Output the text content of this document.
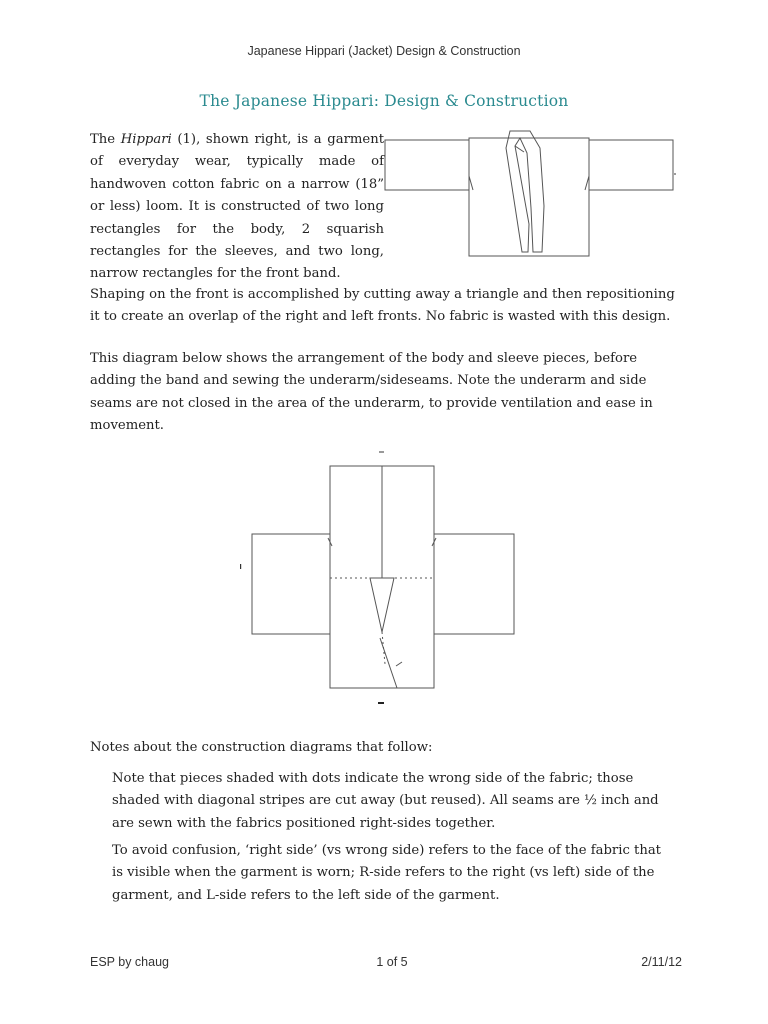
Japanese Hippari (Jacket) Design & Construction
The Japanese Hippari: Design & Construction
The Hippari (1), shown right, is a garment of everyday wear, typically made of handwoven cotton fabric on a narrow (18” or less) loom. It is constructed of two long rectangles for the body, 2 squarish rectangles for the sleeves, and two long, narrow rectangles for the front band.
Shaping on the front is accomplished by cutting away a triangle and then repositioning it to create an overlap of the right and left fronts. No fabric is wasted with this design.
This diagram below shows the arrangement of the body and sleeve pieces, before adding the band and sewing the underarm/sideseams. Note the underarm and side seams are not closed in the area of the underarm, to provide ventilation and ease in movement.
Notes about the construction diagrams that follow:
Note that pieces shaded with dots indicate the wrong side of the fabric; those shaded with diagonal stripes are cut away (but reused). All seams are ½ inch and are sewn with the fabrics positioned right-sides together.
To avoid confusion, ‘right side’ (vs wrong side) refers to the face of the fabric that is visible when the garment is worn; R-side refers to the right (vs left) side of the garment, and L-side refers to the left side of the garment.
ESP by chaug	1 of 5	2/11/12
